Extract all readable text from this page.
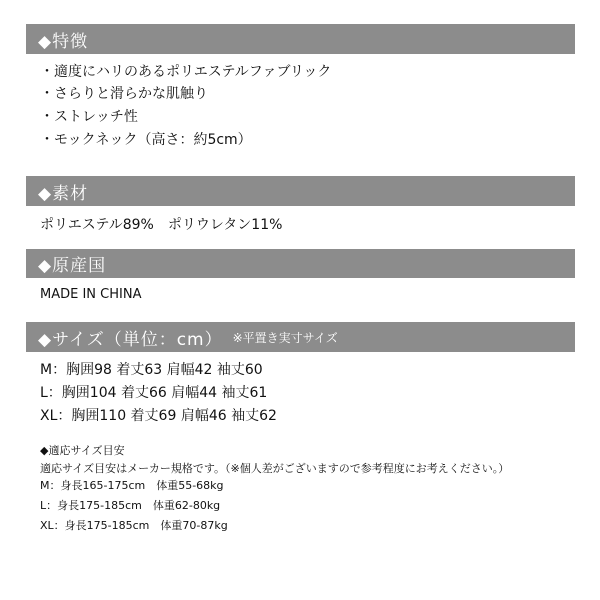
◆特徴
・適度にハリのあるポリエステルファブリック
・さらりと滑らかな肌触り
・ストレッチ性
・モックネック（高さ：約5cm）
◆素材
ポリエステル89%　ポリウレタン11%
◆原産国
MADE IN CHINA
◆サイズ（単位：cm） ※平置き実寸サイズ
M：胸囲98 着丈63 肩幅42 袖丈60
L：胸囲104 着丈66 肩幅44 袖丈61
XL：胸囲110 着丈69 肩幅46 袖丈62
◆適応サイズ目安
適応サイズ目安はメーカー規格です。（※個人差がございますので参考程度にお考えください。）
M：身長165-175cm　体重55-68kg
L：身長175-185cm　体重62-80kg
XL：身長175-185cm　体重70-87kg
